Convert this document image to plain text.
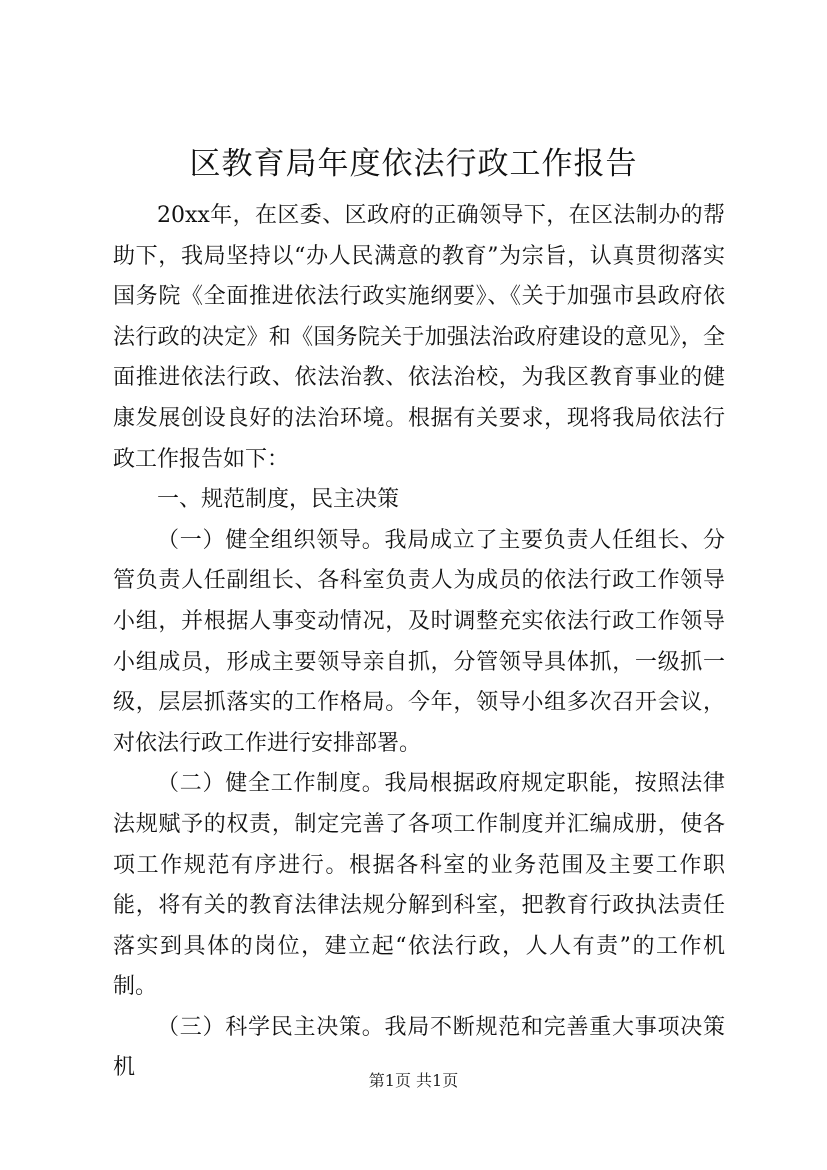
区教育局年度依法行政工作报告

20xx年，在区委、区政府的正确领导下，在区法制办的帮助下，我局坚持以“办人民满意的教育”为宗旨，认真贯彻落实国务院《全面推进依法行政实施纲要》、《关于加强市县政府依法行政的决定》和《国务院关于加强法治政府建设的意见》，全面推进依法行政、依法治教、依法治校，为我区教育事业的健康发展创设良好的法治环境。根据有关要求，现将我局依法行政工作报告如下：

一、规范制度，民主决策

（一）健全组织领导。我局成立了主要负责人任组长、分管负责人任副组长、各科室负责人为成员的依法行政工作领导小组，并根据人事变动情况，及时调整充实依法行政工作领导小组成员，形成主要领导亲自抓，分管领导具体抓，一级抓一级，层层抓落实的工作格局。今年，领导小组多次召开会议，对依法行政工作进行安排部署。

（二）健全工作制度。我局根据政府规定职能，按照法律法规赋予的权责，制定完善了各项工作制度并汇编成册，使各项工作规范有序进行。根据各科室的业务范围及主要工作职能，将有关的教育法律法规分解到科室，把教育行政执法责任落实到具体的岗位，建立起“依法行政，人人有责”的工作机制。

（三）科学民主决策。我局不断规范和完善重大事项决策机

第1页 共1页
